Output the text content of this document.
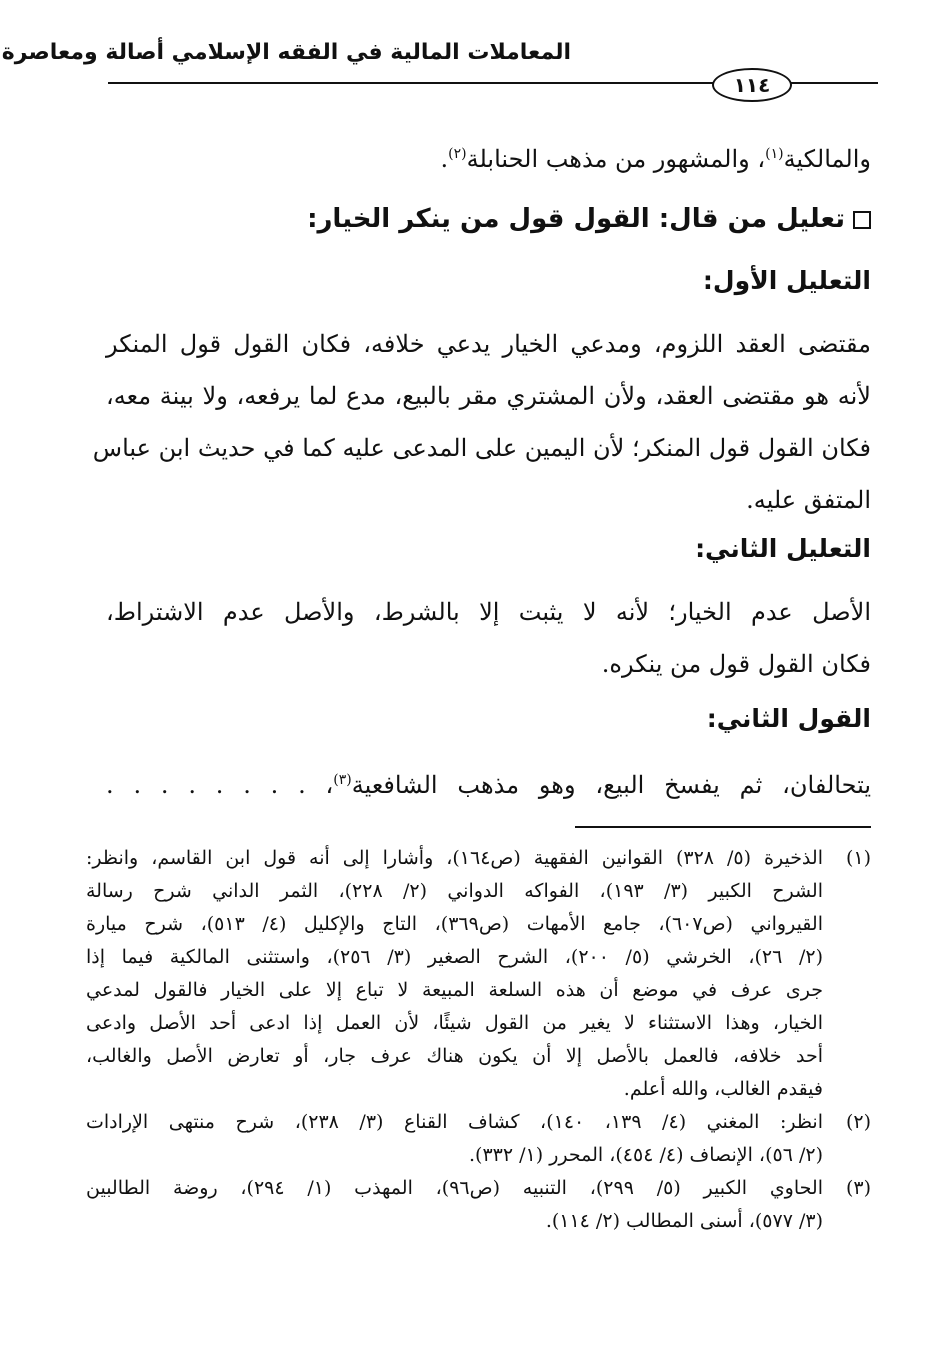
المعاملات المالية في الفقه الإسلامي أصالة ومعاصرة
١١٤
والمالكية$^{(١)}$، والمشهور من مذهب الحنابلة$^{(٢)}$.
تعليل من قال: القول قول من ينكر الخيار:
التعليل الأول:
مقتضى العقد اللزوم، ومدعي الخيار يدعي خلافه، فكان القول قول المنكر
لأنه هو مقتضى العقد، ولأن المشتري مقر بالبيع، مدع لما يرفعه، ولا بينة معه،
فكان القول قول المنكر؛ لأن اليمين على المدعى عليه كما في حديث ابن عباس
المتفق عليه.
التعليل الثاني:
الأصل عدم الخيار؛ لأنه لا يثبت إلا بالشرط، والأصل عدم الاشتراط،
فكان القول قول من ينكره.
القول الثاني:
يتحالفان، ثم يفسخ البيع، وهو مذهب الشافعية$^{(٣)}$، . . . . . . . .
(١)
الذخيرة (٥/ ٣٢٨) القوانين الفقهية (ص١٦٤)، وأشارا إلى أنه قول ابن القاسم، وانظر:
الشرح الكبير (٣/ ١٩٣)، الفواكه الدواني (٢/ ٢٢٨)، الثمر الداني شرح رسالة
القيرواني (ص٦٠٧)، جامع الأمهات (ص٣٦٩)، التاج والإكليل (٤/ ٥١٣)، شرح ميارة
(٢/ ٢٦)، الخرشي (٥/ ٢٠٠)، الشرح الصغير (٣/ ٢٥٦)، واستثنى المالكية فيما إذا
جرى عرف في موضع أن هذه السلعة المبيعة لا تباع إلا على الخيار فالقول لمدعي
الخيار، وهذا الاستثناء لا يغير من القول شيئًا، لأن العمل إذا ادعى أحد الأصل وادعى
أحد خلافه، فالعمل بالأصل إلا أن يكون هناك عرف جار، أو تعارض الأصل والغالب،
فيقدم الغالب، والله أعلم.
(٢)
انظر: المغني (٤/ ١٣٩، ١٤٠)، كشاف القناع (٣/ ٢٣٨)، شرح منتهى الإرادات
(٢/ ٥٦)، الإنصاف (٤/ ٤٥٤)، المحرر (١/ ٣٣٢).
(٣)
الحاوي الكبير (٥/ ٢٩٩)، التنبيه (ص٩٦)، المهذب (١/ ٢٩٤)، روضة الطالبين
(٣/ ٥٧٧)، أسنى المطالب (٢/ ١١٤).
